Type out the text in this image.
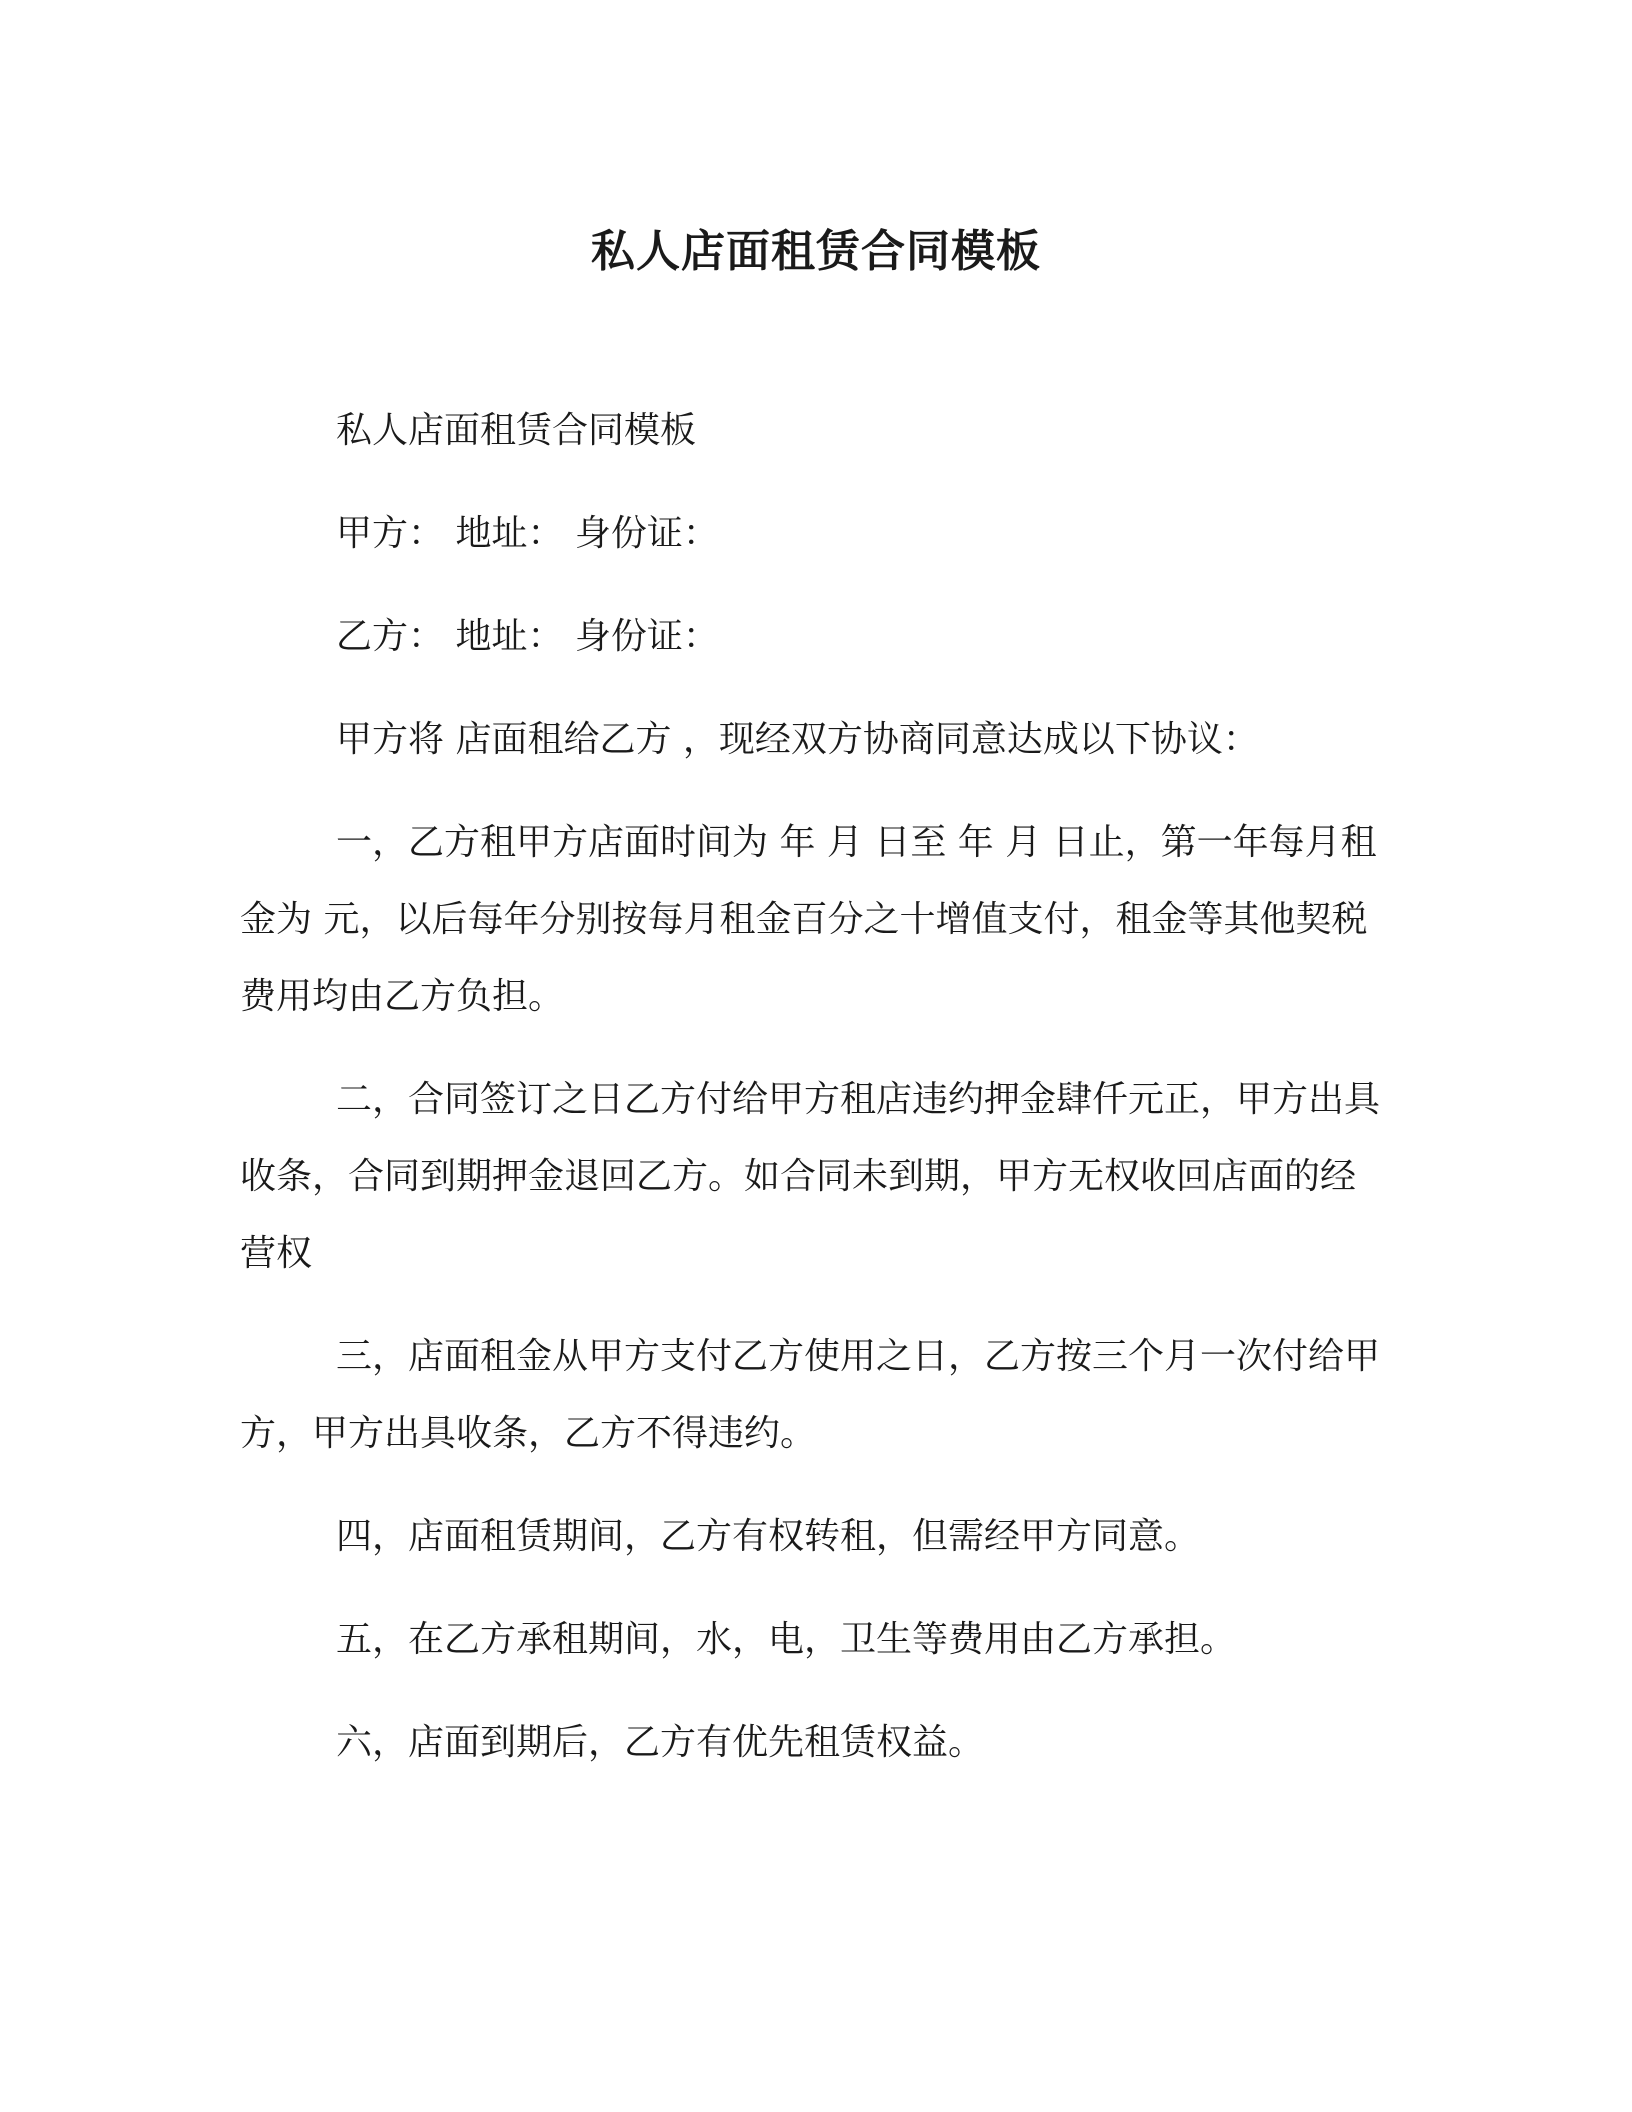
私人店面租赁合同模板

私人店面租赁合同模板

甲方： 地址： 身份证：

乙方： 地址： 身份证：

甲方将 店面租给乙方 ，现经双方协商同意达成以下协议：

一，乙方租甲方店面时间为 年 月 日至 年 月 日止，第一年每月租金为 元，以后每年分别按每月租金百分之十增值支付，租金等其他契税费用均由乙方负担。

二，合同签订之日乙方付给甲方租店违约押金肆仟元正，甲方出具收条，合同到期押金退回乙方。如合同未到期，甲方无权收回店面的经营权

三，店面租金从甲方支付乙方使用之日，乙方按三个月一次付给甲方，甲方出具收条，乙方不得违约。

四，店面租赁期间，乙方有权转租，但需经甲方同意。

五，在乙方承租期间，水，电，卫生等费用由乙方承担。

六，店面到期后，乙方有优先租赁权益。
